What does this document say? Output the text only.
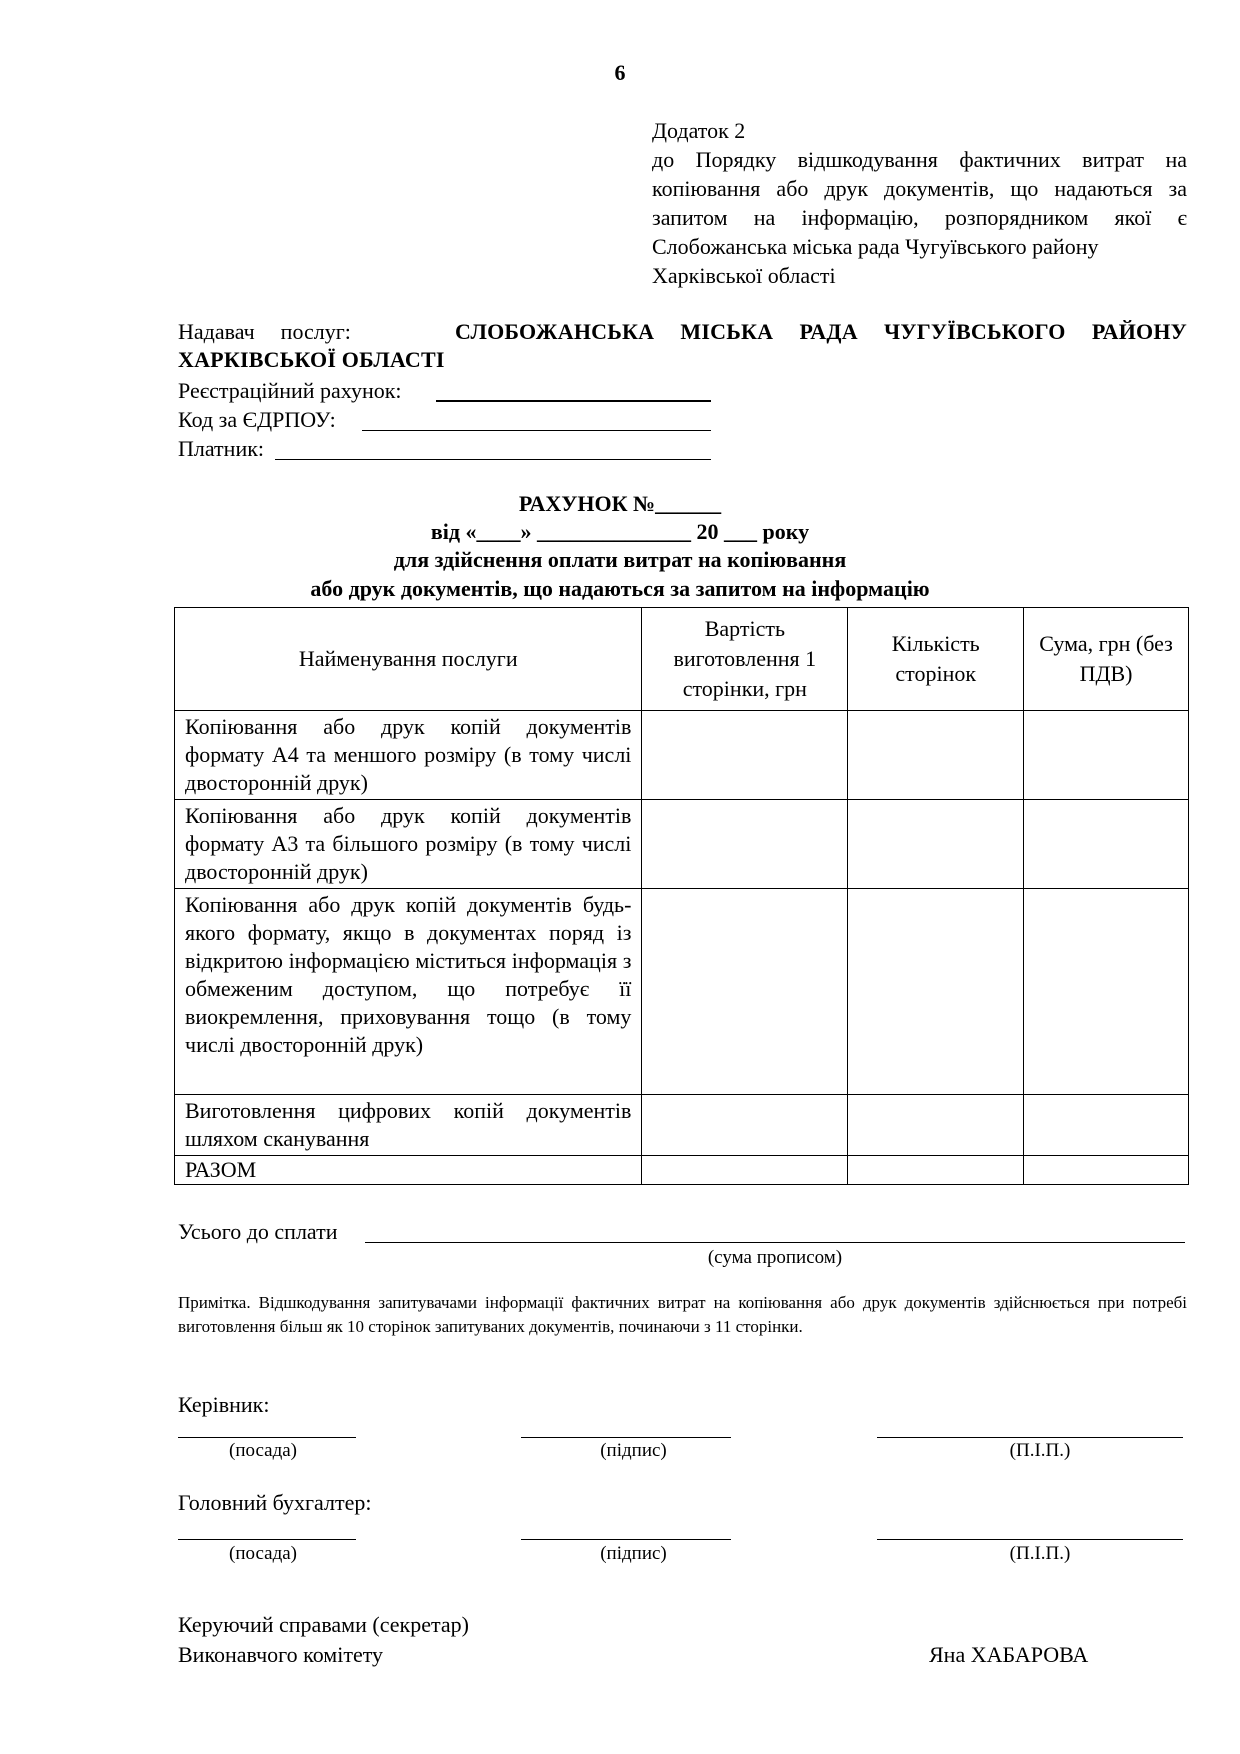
6
Додаток 2
до Порядку відшкодування фактичних витрат на копіювання або друк документів, що надаються за запитом на інформацію, розпорядником якої є Слобожанська міська рада Чугуївського району
Харківської області
Надавач послуг:	СЛОБОЖАНСЬКА МІСЬКА РАДА ЧУГУЇВСЬКОГО РАЙОНУ
ХАРКІВСЬКОЇ ОБЛАСТІ
Реєстраційний рахунок:
Код за ЄДРПОУ:
Платник:
РАХУНОК №______
від «____» ______________ 20 ___ року
для здійснення оплати витрат на копіювання
або друк документів, що надаються за запитом на інформацію
Найменування послуги	Вартість виготовлення 1 сторінки, грн	Кількість сторінок	Сума, грн (без ПДВ)
Копіювання або друк копій документів формату А4 та меншого розміру (в тому числі двосторонній друк)			
Копіювання або друк копій документів формату А3 та більшого розміру (в тому числі двосторонній друк)			
Копіювання або друк копій документів будь-якого формату, якщо в документах поряд із відкритою інформацією міститься інформація з обмеженим доступом, що потребує її виокремлення, приховування тощо (в тому числі двосторонній друк)			
Виготовлення цифрових копій документів шляхом сканування			
РАЗОМ			
Усього до сплати
(сума прописом)
Примітка. Відшкодування запитувачами інформації фактичних витрат на копіювання або друк документів здійснюється при потребі виготовлення більш як 10 сторінок запитуваних документів, починаючи з 11 сторінки.
Керівник:
(посада)	(підпис)	(П.І.П.)
Головний бухгалтер:
(посада)	(підпис)	(П.І.П.)
Керуючий справами (секретар)
Виконавчого комітету	Яна ХАБАРОВА
